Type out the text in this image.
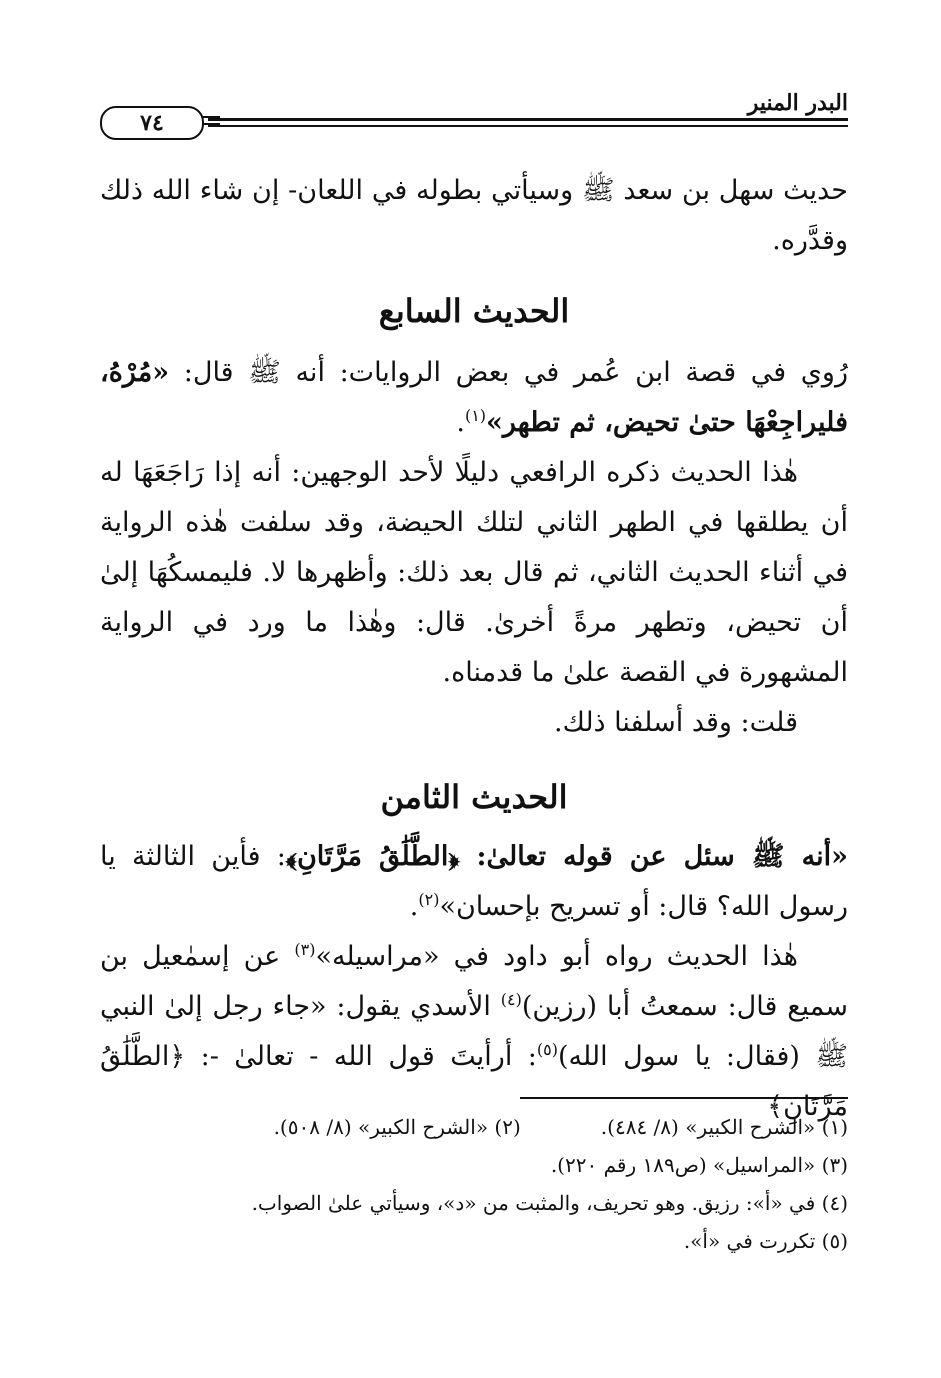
البدر المنير
٧٤

حديث سهل بن سعد ﷺ وسيأتي بطوله في اللعان- إن شاء الله ذلك وقدَّره.

الحديث السابع

رُوي في قصة ابن عُمر في بعض الروايات: أنه ﷺ قال: «مُرْهُ، فليراجِعْهَا حتىٰ تحيض، ثم تطهر»$^{(١)}$.

هٰذا الحديث ذكره الرافعي دليلًا لأحد الوجهين: أنه إذا رَاجَعَهَا له أن يطلقها في الطهر الثاني لتلك الحيضة، وقد سلفت هٰذه الرواية في أثناء الحديث الثاني، ثم قال بعد ذلك: وأظهرها لا. فليمسكُهَا إلىٰ أن تحيض، وتطهر مرةً أخرىٰ. قال: وهٰذا ما ورد في الرواية المشهورة في القصة علىٰ ما قدمناه.

قلت: وقد أسلفنا ذلك.

الحديث الثامن

«أنه ﷺ سئل عن قوله تعالىٰ: ﴿الطَّلَٰقُ مَرَّتَانِ﴾: فأين الثالثة يا رسول الله؟ قال: أو تسريح بإحسان»$^{(٢)}$.

هٰذا الحديث رواه أبو داود في «مراسيله»$^{(٣)}$ عن إسمٰعيل بن سميع قال: سمعتُ أبا (رزين)$^{(٤)}$ الأسدي يقول: «جاء رجل إلىٰ النبي ﷺ (فقال: يا سول الله)$^{(٥)}$: أرأيتَ قول الله - تعالىٰ -: ﴿الطَّلَٰقُ مَرَّتَانِ﴾

(١) «الشرح الكبير» (٨/ ٤٨٤).
(٢) «الشرح الكبير» (٨/ ٥٠٨).
(٣) «المراسيل» (ص١٨٩ رقم ٢٢٠).
(٤) في «أ»: رزيق. وهو تحريف، والمثبت من «د»، وسيأتي علىٰ الصواب.
(٥) تكررت في «أ».
